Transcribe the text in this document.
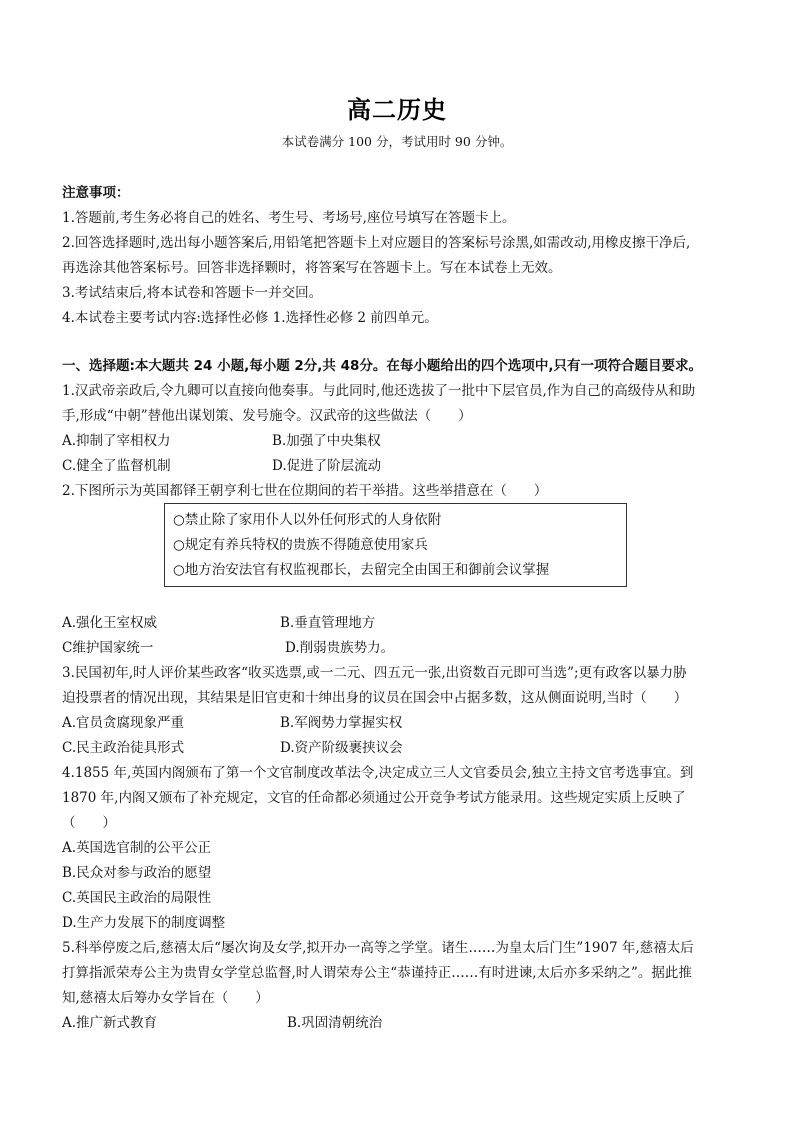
高二历史
本试卷满分 100 分，考试用时 90 分钟。
注意事项：
1.答题前,考生务必将自己的姓名、考生号、考场号,座位号填写在答题卡上。
2.回答选择题时,选出每小题答案后,用铅笔把答题卡上对应题目的答案标号涂黑,如需改动,用橡皮擦干净后,
再选涂其他答案标号。回答非选择颗时，将答案写在答题卡上。写在本试卷上无效。
3.考试结束后,将本试卷和答题卡一并交回。
4.本试卷主要考试内容:选择性必修 1.选择性必修 2 前四单元。
一、选择题:本大题共 24 小题,每小题 2分,共 48分。在每小题给出的四个选项中,只有一项符合题目要求。
1.汉武帝亲政后,令九卿可以直接向他奏事。与此同时,他还选拔了一批中下层官员,作为自己的高级侍从和助
手,形成“中朝”替他出谋划策、发号施令。汉武帝的这些做法（　　）
A.抑制了宰相权力	B.加强了中央集权
C.健全了监督机制	D.促进了阶层流动
2.下图所示为英国都铎王朝亨利七世在位期间的若干举措。这些举措意在（　　）
○禁止除了家用仆人以外任何形式的人身依附
○规定有养兵特权的贵族不得随意使用家兵
○地方治安法官有权监视郡长，去留完全由国王和御前会议掌握
A.强化王室权威	B.垂直管理地方
C维护国家统一	D.削弱贵族势力。
3.民国初年,时人评价某些政客“收买选票,或一二元、四五元一张,出资数百元即可当选”;更有政客以暴力胁
迫投票者的情况出现，其结果是旧官吏和十绅出身的议员在国会中占据多数，这从侧面说明,当时（　　）
A.官员贪腐现象严重	B.军阀势力掌握实权
C.民主政治徒具形式	D.资产阶级裹挟议会
4.1855 年,英国内阁颁布了第一个文官制度改革法令,决定成立三人文官委员会,独立主持文官考选事宜。到
1870 年,内阁又颁布了补充规定，文官的任命都必须通过公开竞争考试方能录用。这些规定实质上反映了
（　　）
A.英国选官制的公平公正
B.民众对参与政治的愿望
C.英国民主政治的局限性
D.生产力发展下的制度调整
5.科举停废之后,慈禧太后“屡次询及女学,拟开办一高等之学堂。诸生……为皇太后门生”1907 年,慈禧太后
打算指派荣寿公主为贵胄女学堂总监督,时人谓荣寿公主“恭谨持正……有时进谏,太后亦多采纳之”。据此推
知,慈禧太后筹办女学旨在（　　）
A.推广新式教育	B.巩固清朝统治
